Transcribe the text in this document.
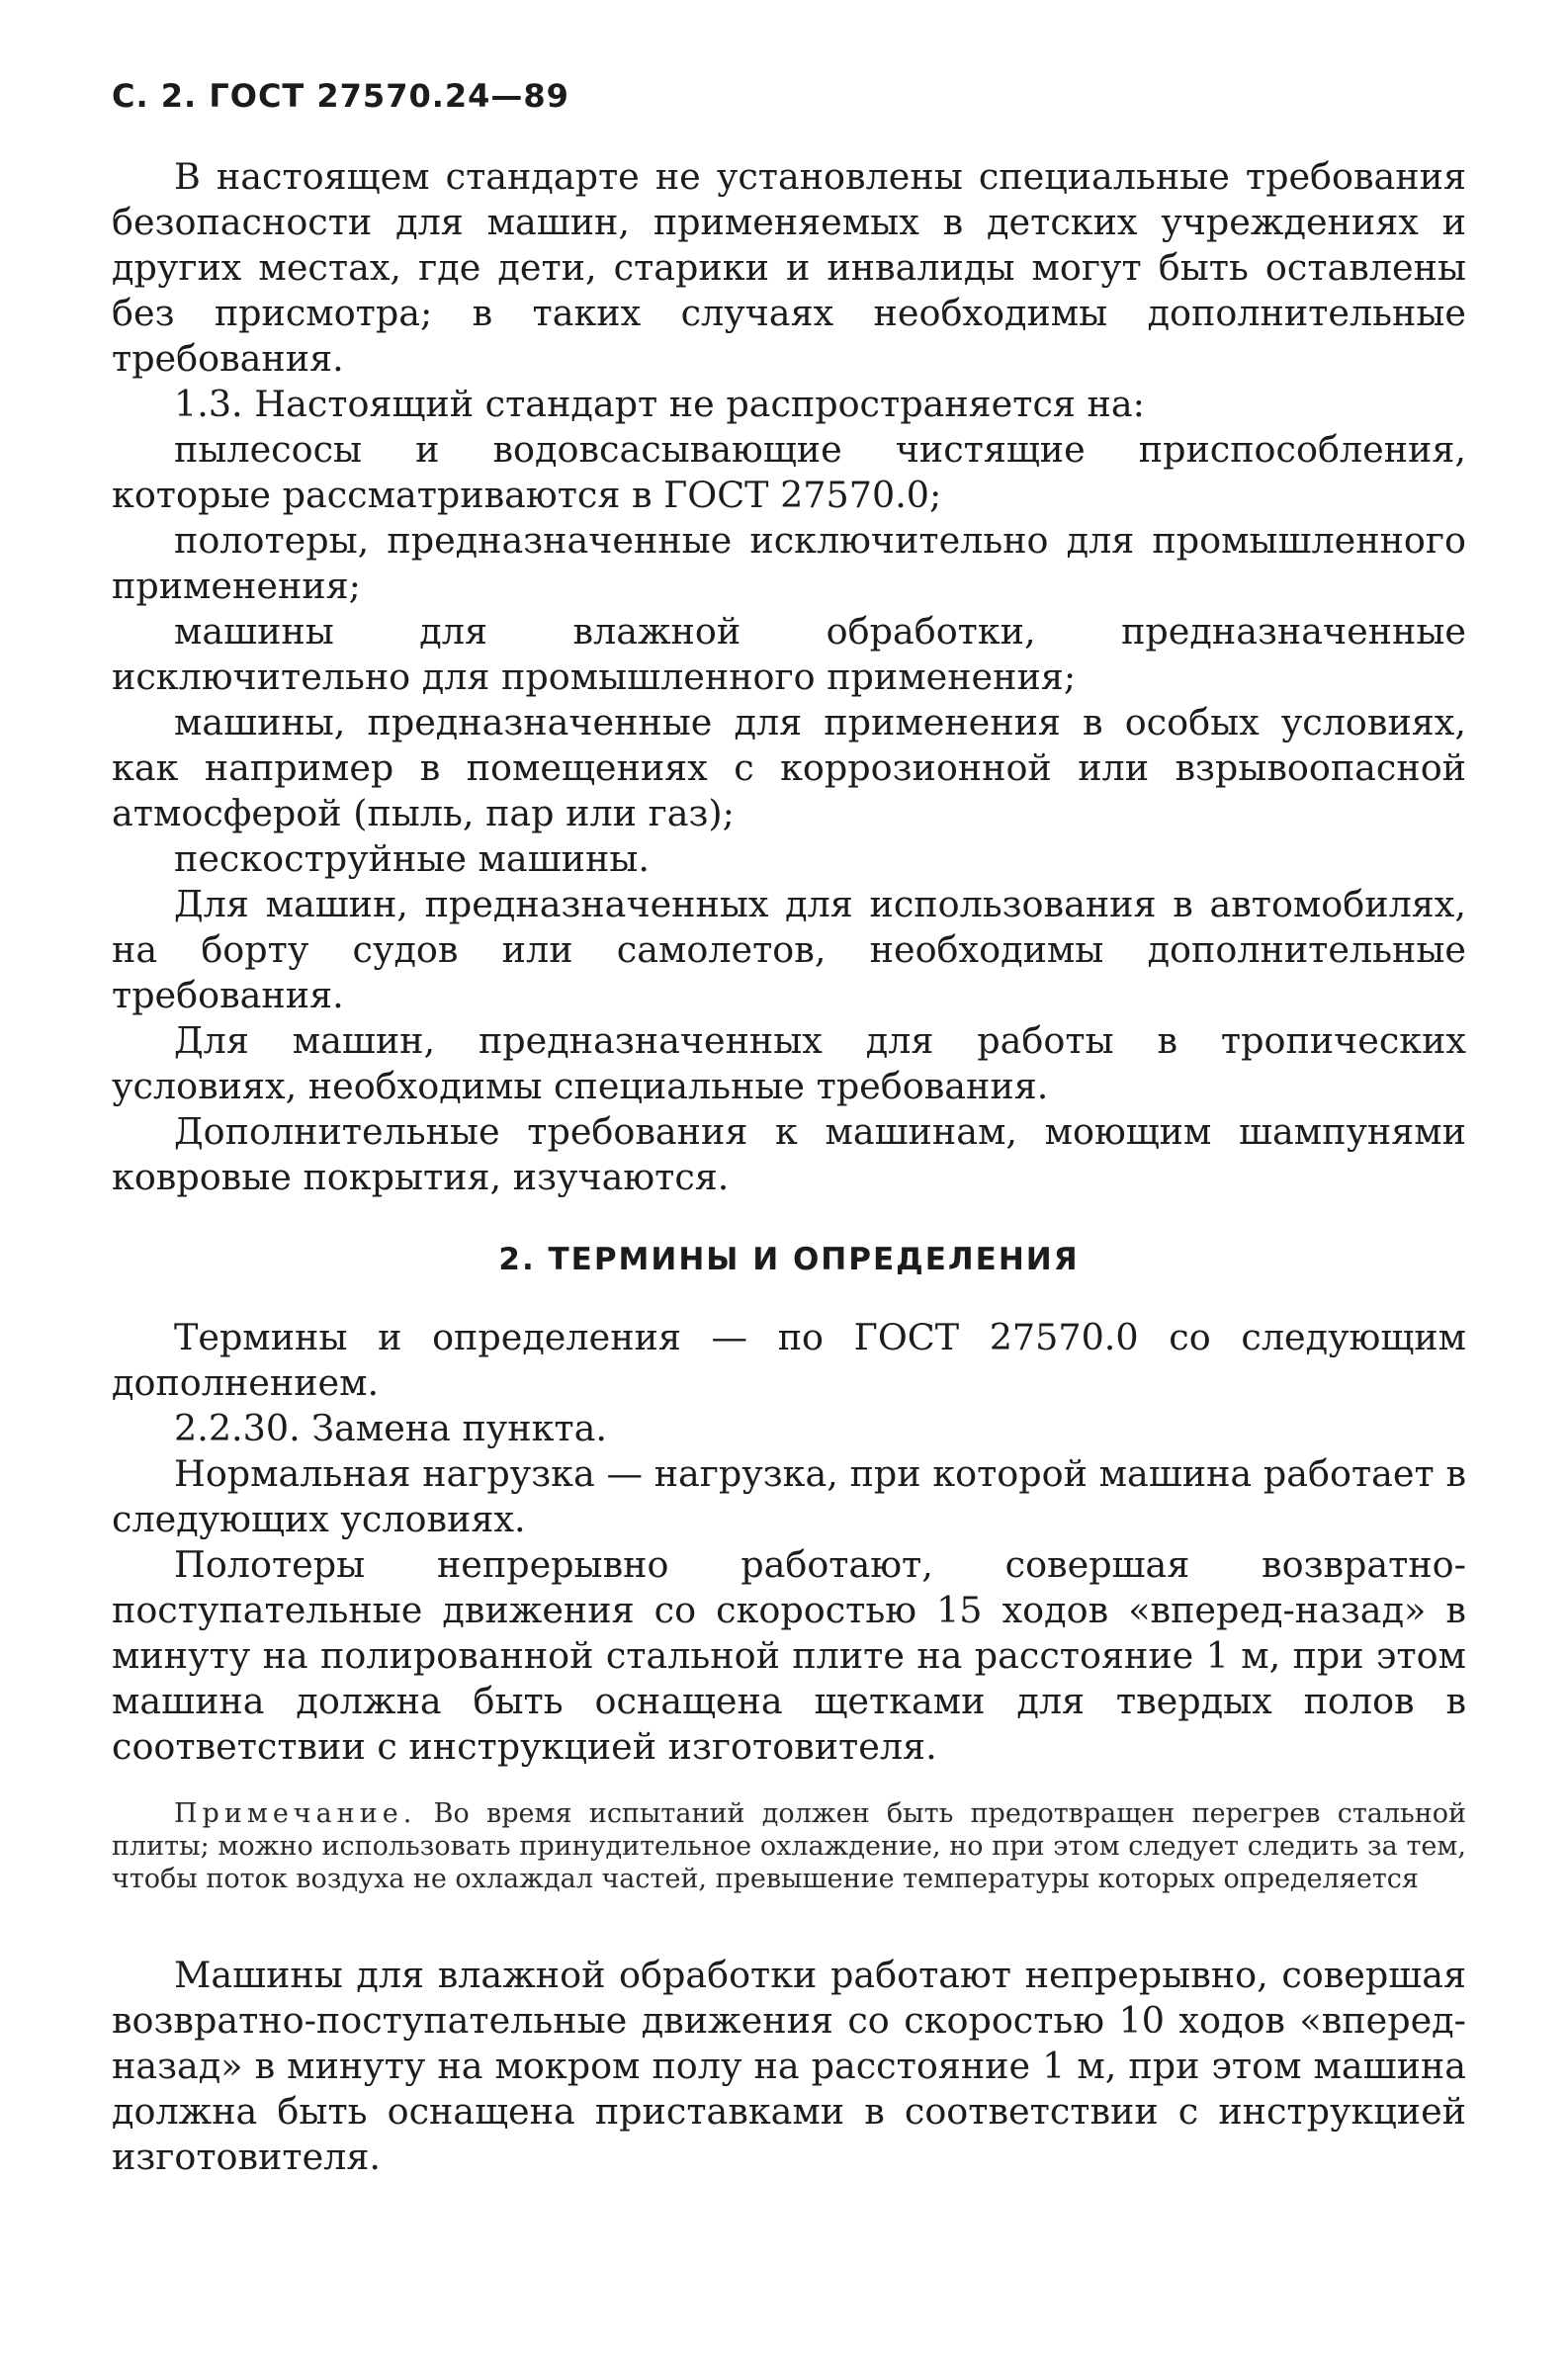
С. 2. ГОСТ 27570.24—89

В настоящем стандарте не установлены специальные требования безопасности для машин, применяемых в детских учреждениях и других местах, где дети, старики и инвалиды могут быть оставлены без присмотра; в таких случаях необходимы дополнительные требования.

1.3. Настоящий стандарт не распространяется на:

пылесосы и водовсасывающие чистящие приспособления, которые рассматриваются в ГОСТ 27570.0;

полотеры, предназначенные исключительно для промышленного применения;

машины для влажной обработки, предназначенные исключительно для промышленного применения;

машины, предназначенные для применения в особых условиях, как например в помещениях с коррозионной или взрывоопасной атмосферой (пыль, пар или газ);

пескоструйные машины.

Для машин, предназначенных для использования в автомобилях, на борту судов или самолетов, необходимы дополнительные требования.

Для машин, предназначенных для работы в тропических условиях, необходимы специальные требования.

Дополнительные требования к машинам, моющим шампунями ковровые покрытия, изучаются.

2. ТЕРМИНЫ И ОПРЕДЕЛЕНИЯ

Термины и определения — по ГОСТ 27570.0 со следующим дополнением.

2.2.30. Замена пункта.

Нормальная нагрузка — нагрузка, при которой машина работает в следующих условиях.

Полотеры непрерывно работают, совершая возвратно-поступательные движения со скоростью 15 ходов «вперед-назад» в минуту на полированной стальной плите на расстояние 1 м, при этом машина должна быть оснащена щетками для твердых полов в соответствии с инструкцией изготовителя.

Примечание. Во время испытаний должен быть предотвращен перегрев стальной плиты; можно использовать принудительное охлаждение, но при этом следует следить за тем, чтобы поток воздуха не охлаждал частей, превышение температуры которых определяется

Машины для влажной обработки работают непрерывно, совершая возвратно-поступательные движения со скоростью 10 ходов «вперед-назад» в минуту на мокром полу на расстояние 1 м, при этом машина должна быть оснащена приставками в соответствии с инструкцией изготовителя.
